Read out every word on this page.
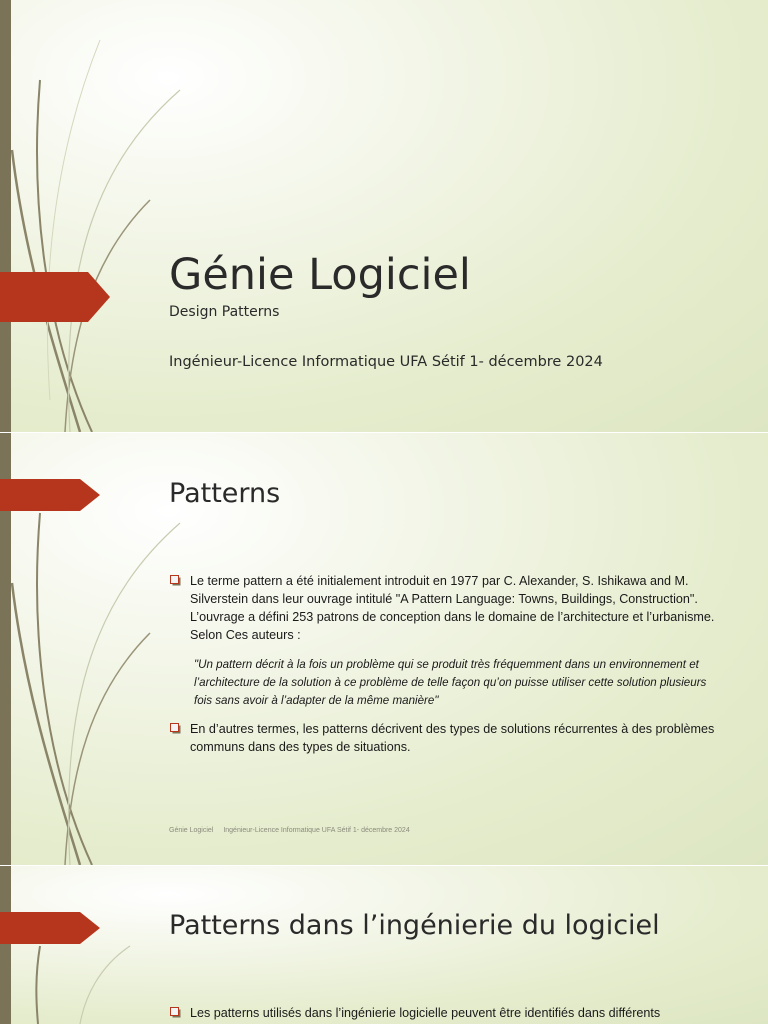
Génie Logiciel
Design Patterns
Ingénieur-Licence Informatique UFA Sétif 1- décembre 2024
Patterns
Le terme pattern a été initialement introduit en 1977 par C. Alexander, S. Ishikawa and M. Silverstein dans leur ouvrage intitulé "A Pattern Language: Towns, Buildings, Construction". L’ouvrage a défini 253 patrons de conception dans le domaine de l’architecture et l’urbanisme. Selon Ces auteurs :
"Un pattern décrit à la fois un problème qui se produit très fréquemment dans un environnement et l’architecture de la solution à ce problème de telle façon qu’on puisse utiliser cette solution plusieurs fois sans avoir à l’adapter de la même manière"
En d’autres termes, les patterns décrivent des types de solutions récurrentes à des problèmes communs dans des types de situations.
Génie Logiciel Ingénieur-Licence Informatique UFA Sétif 1- décembre 2024
Patterns dans l’ingénierie du logiciel
Les patterns utilisés dans l’ingénierie logicielle peuvent être identifiés dans différents
